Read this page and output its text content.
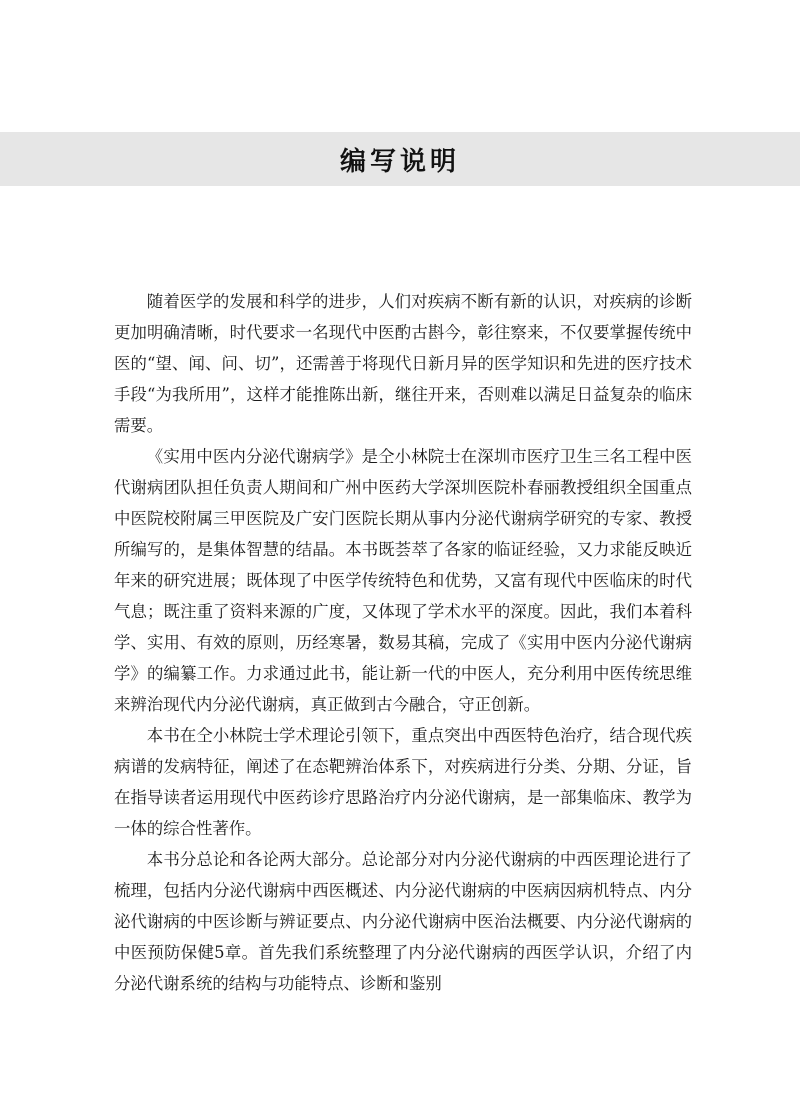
编写说明

随着医学的发展和科学的进步，人们对疾病不断有新的认识，对疾病的诊断更加明确清晰，时代要求一名现代中医酌古斟今，彰往察来，不仅要掌握传统中医的“望、闻、问、切”，还需善于将现代日新月异的医学知识和先进的医疗技术手段“为我所用”，这样才能推陈出新，继往开来，否则难以满足日益复杂的临床需要。

《实用中医内分泌代谢病学》是仝小林院士在深圳市医疗卫生三名工程中医代谢病团队担任负责人期间和广州中医药大学深圳医院朴春丽教授组织全国重点中医院校附属三甲医院及广安门医院长期从事内分泌代谢病学研究的专家、教授所编写的，是集体智慧的结晶。本书既荟萃了各家的临证经验，又力求能反映近年来的研究进展；既体现了中医学传统特色和优势，又富有现代中医临床的时代气息；既注重了资料来源的广度，又体现了学术水平的深度。因此，我们本着科学、实用、有效的原则，历经寒暑，数易其稿，完成了《实用中医内分泌代谢病学》的编纂工作。力求通过此书，能让新一代的中医人，充分利用中医传统思维来辨治现代内分泌代谢病，真正做到古今融合，守正创新。

本书在仝小林院士学术理论引领下，重点突出中西医特色治疗，结合现代疾病谱的发病特征，阐述了在态靶辨治体系下，对疾病进行分类、分期、分证，旨在指导读者运用现代中医药诊疗思路治疗内分泌代谢病，是一部集临床、教学为一体的综合性著作。

本书分总论和各论两大部分。总论部分对内分泌代谢病的中西医理论进行了梳理，包括内分泌代谢病中西医概述、内分泌代谢病的中医病因病机特点、内分泌代谢病的中医诊断与辨证要点、内分泌代谢病中医治法概要、内分泌代谢病的中医预防保健5章。首先我们系统整理了内分泌代谢病的西医学认识，介绍了内分泌代谢系统的结构与功能特点、诊断和鉴别
